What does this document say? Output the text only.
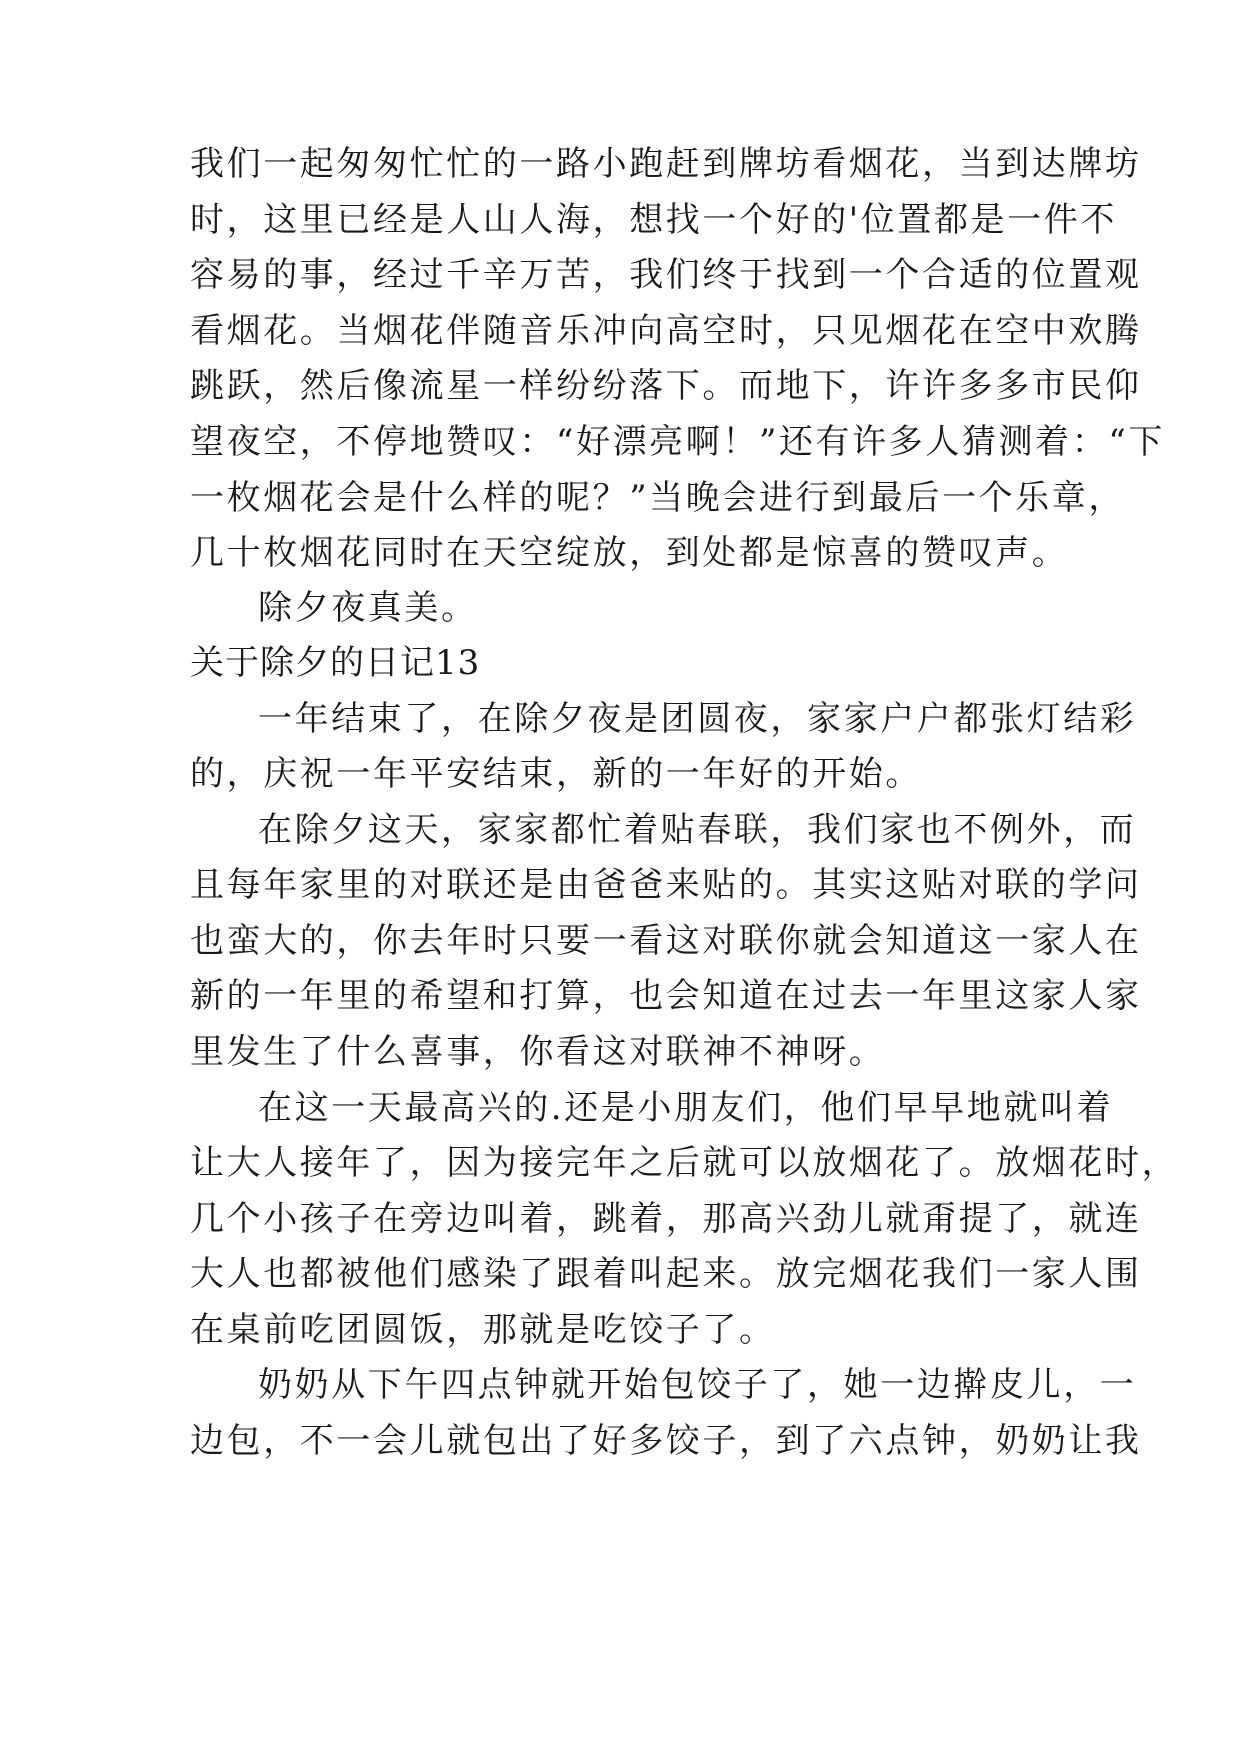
我们一起匆匆忙忙的一路小跑赶到牌坊看烟花，当到达牌坊
时，这里已经是人山人海，想找一个好的'位置都是一件不
容易的事，经过千辛万苦，我们终于找到一个合适的位置观
看烟花。当烟花伴随音乐冲向高空时，只见烟花在空中欢腾
跳跃，然后像流星一样纷纷落下。而地下，许许多多市民仰
望夜空，不停地赞叹：“好漂亮啊！”还有许多人猜测着：“下
一枚烟花会是什么样的呢？”当晚会进行到最后一个乐章，
几十枚烟花同时在天空绽放，到处都是惊喜的赞叹声。
除夕夜真美。
关于除夕的日记13
一年结束了，在除夕夜是团圆夜，家家户户都张灯结彩
的，庆祝一年平安结束，新的一年好的开始。
在除夕这天，家家都忙着贴春联，我们家也不例外，而
且每年家里的对联还是由爸爸来贴的。其实这贴对联的学问
也蛮大的，你去年时只要一看这对联你就会知道这一家人在
新的一年里的希望和打算，也会知道在过去一年里这家人家
里发生了什么喜事，你看这对联神不神呀。
在这一天最高兴的.还是小朋友们，他们早早地就叫着
让大人接年了，因为接完年之后就可以放烟花了。放烟花时，
几个小孩子在旁边叫着，跳着，那高兴劲儿就甭提了，就连
大人也都被他们感染了跟着叫起来。放完烟花我们一家人围
在桌前吃团圆饭，那就是吃饺子了。
奶奶从下午四点钟就开始包饺子了，她一边擀皮儿，一
边包，不一会儿就包出了好多饺子，到了六点钟，奶奶让我
